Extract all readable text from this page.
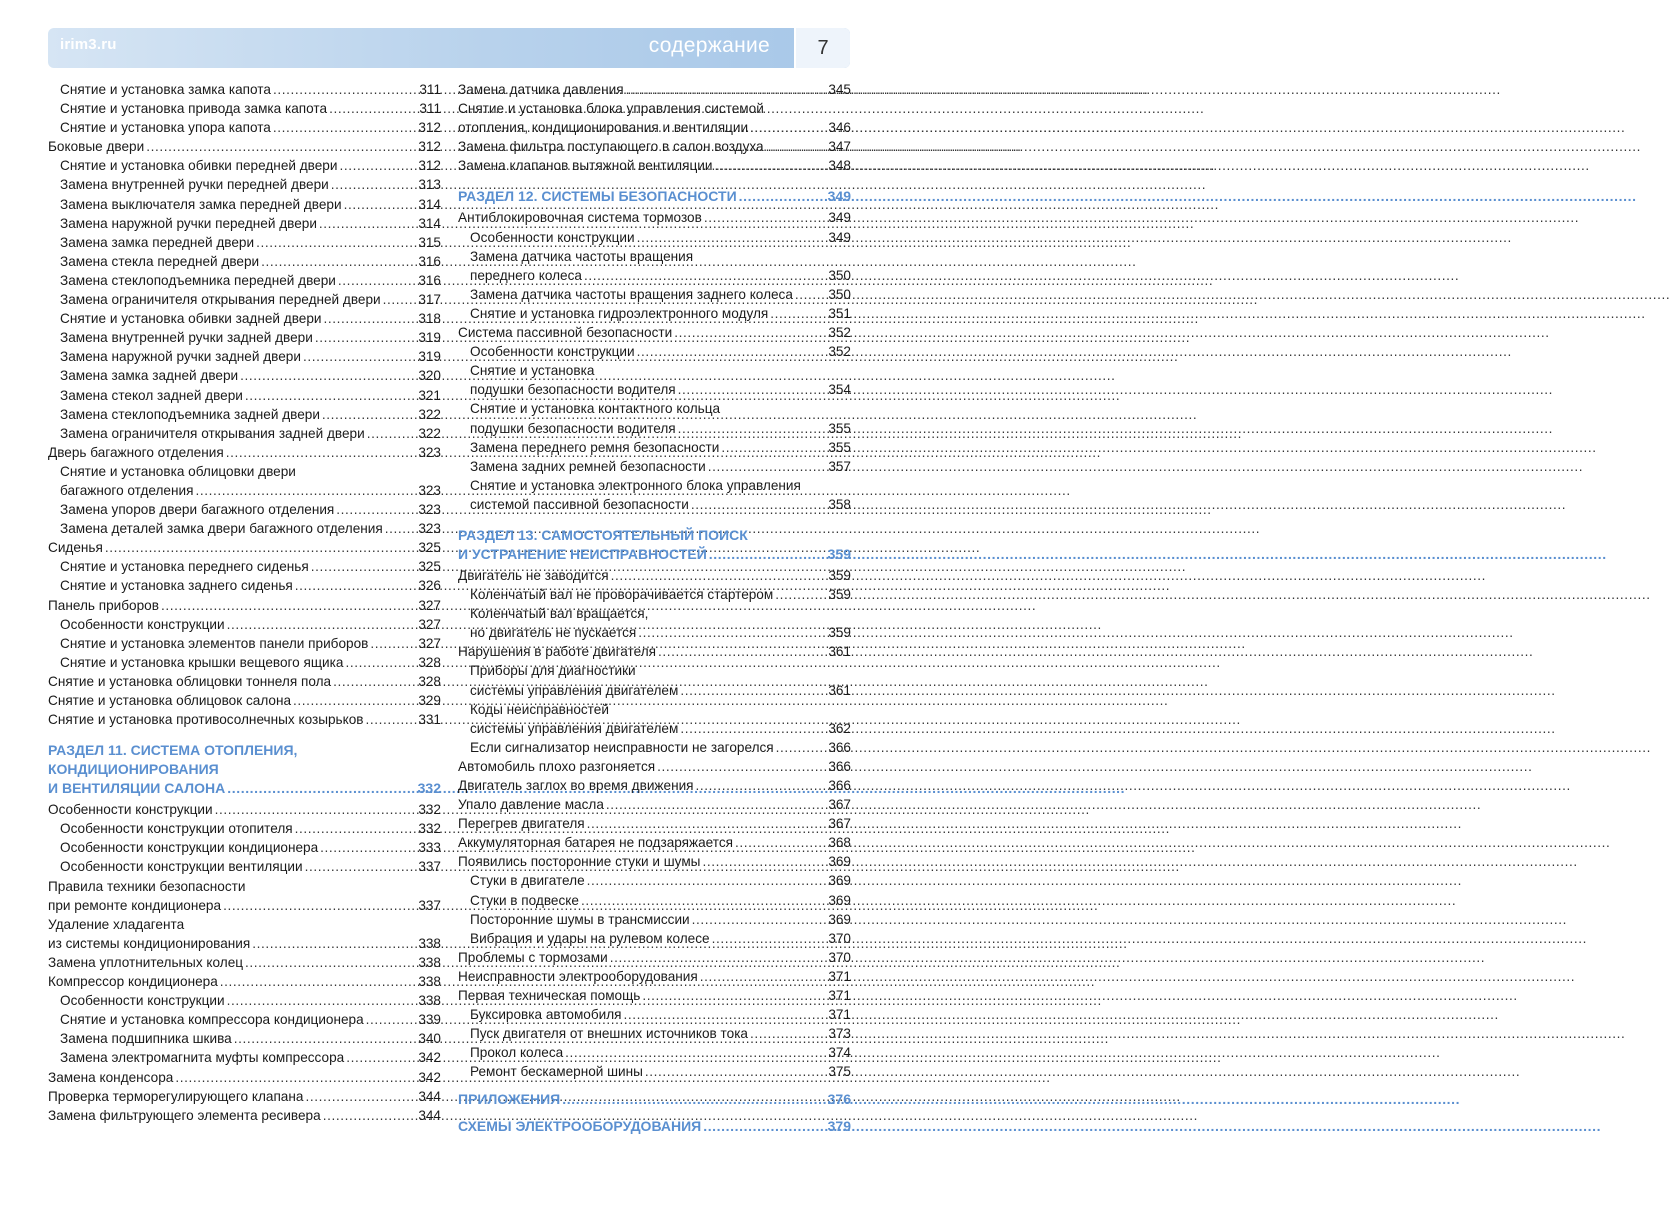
irim3.ru	содержание 7
Снятие и установка замка капота .....	311
Снятие и установка привода замка капота .....	311
Снятие и установка упора капота .....	312
Боковые двери .....	312
Снятие и установка обивки передней двери .....	312
Замена внутренней ручки передней двери .....	313
Замена выключателя замка передней двери .....	314
Замена наружной ручки передней двери .....	314
Замена замка передней двери .....	315
Замена стекла передней двери .....	316
Замена стеклоподъемника передней двери .....	316
Замена ограничителя открывания передней двери .....	317
Снятие и установка обивки задней двери .....	318
Замена внутренней ручки задней двери .....	319
Замена наружной ручки задней двери .....	319
Замена замка задней двери .....	320
Замена стекол задней двери .....	321
Замена стеклоподъемника задней двери .....	322
Замена ограничителя открывания задней двери .....	322
Дверь багажного отделения .....	323
Снятие и установка облицовки двери
багажного отделения .....	323
Замена упоров двери багажного отделения .....	323
Замена деталей замка двери багажного отделения .....	323
Сиденья .....	325
Снятие и установка переднего сиденья .....	325
Снятие и установка заднего сиденья .....	326
Панель приборов .....	327
Особенности конструкции .....	327
Снятие и установка элементов панели приборов .....	327
Снятие и установка крышки вещевого ящика .....	328
Снятие и установка облицовки тоннеля пола .....	328
Снятие и установка облицовок салона .....	329
Снятие и установка противосолнечных козырьков .....	331
РАЗДЕЛ 11. СИСТЕМА ОТОПЛЕНИЯ,
КОНДИЦИОНИРОВАНИЯ
И ВЕНТИЛЯЦИИ САЛОНА .....	332
Особенности конструкции .....	332
Особенности конструкции отопителя .....	332
Особенности конструкции кондиционера .....	333
Особенности конструкции вентиляции .....	337
Правила техники безопасности
при ремонте кондиционера .....	337
Удаление хладагента
из системы кондиционирования .....	338
Замена уплотнительных колец .....	338
Компрессор кондиционера .....	338
Особенности конструкции .....	338
Снятие и установка компрессора кондиционера .....	339
Замена подшипника шкива .....	340
Замена электромагнита муфты компрессора .....	342
Замена конденсора .....	342
Проверка терморегулирующего клапана .....	344
Замена фильтрующего элемента ресивера .....	344
Замена датчика давления .....	345
Снятие и установка блока управления системой
отопления, кондиционирования и вентиляции .....	346
Замена фильтра поступающего в салон воздуха .....	347
Замена клапанов вытяжной вентиляции .....	348
РАЗДЕЛ 12. СИСТЕМЫ БЕЗОПАСНОСТИ .....	349
Антиблокировочная система тормозов .....	349
Особенности конструкции .....	349
Замена датчика частоты вращения
переднего колеса .....	350
Замена датчика частоты вращения заднего колеса .....	350
Снятие и установка гидроэлектронного модуля .....	351
Система пассивной безопасности .....	352
Особенности конструкции .....	352
Снятие и установка
подушки безопасности водителя .....	354
Снятие и установка контактного кольца
подушки безопасности водителя .....	355
Замена переднего ремня безопасности .....	355
Замена задних ремней безопасности .....	357
Снятие и установка электронного блока управления
системой пассивной безопасности .....	358
РАЗДЕЛ 13. САМОСТОЯТЕЛЬНЫЙ ПОИСК
И УСТРАНЕНИЕ НЕИСПРАВНОСТЕЙ .....	359
Двигатель не заводится .....	359
Коленчатый вал не проворачивается стартером .....	359
Коленчатый вал вращается,
но двигатель не пускается .....	359
Нарушения в работе двигателя .....	361
Приборы для диагностики
системы управления двигателем .....	361
Коды неисправностей
системы управления двигателем .....	362
Если сигнализатор неисправности не загорелся .....	366
Автомобиль плохо разгоняется .....	366
Двигатель заглох во время движения .....	366
Упало давление масла .....	367
Перегрев двигателя .....	367
Аккумуляторная батарея не подзаряжается .....	368
Появились посторонние стуки и шумы .....	369
Стуки в двигателе .....	369
Стуки в подвеске .....	369
Посторонние шумы в трансмиссии .....	369
Вибрация и удары на рулевом колесе .....	370
Проблемы с тормозами .....	370
Неисправности электрооборудования .....	371
Первая техническая помощь .....	371
Буксировка автомобиля .....	371
Пуск двигателя от внешних источников тока .....	373
Прокол колеса .....	374
Ремонт бескамерной шины .....	375
ПРИЛОЖЕНИЯ .....	376
СХЕМЫ ЭЛЕКТРООБОРУДОВАНИЯ .....	379
